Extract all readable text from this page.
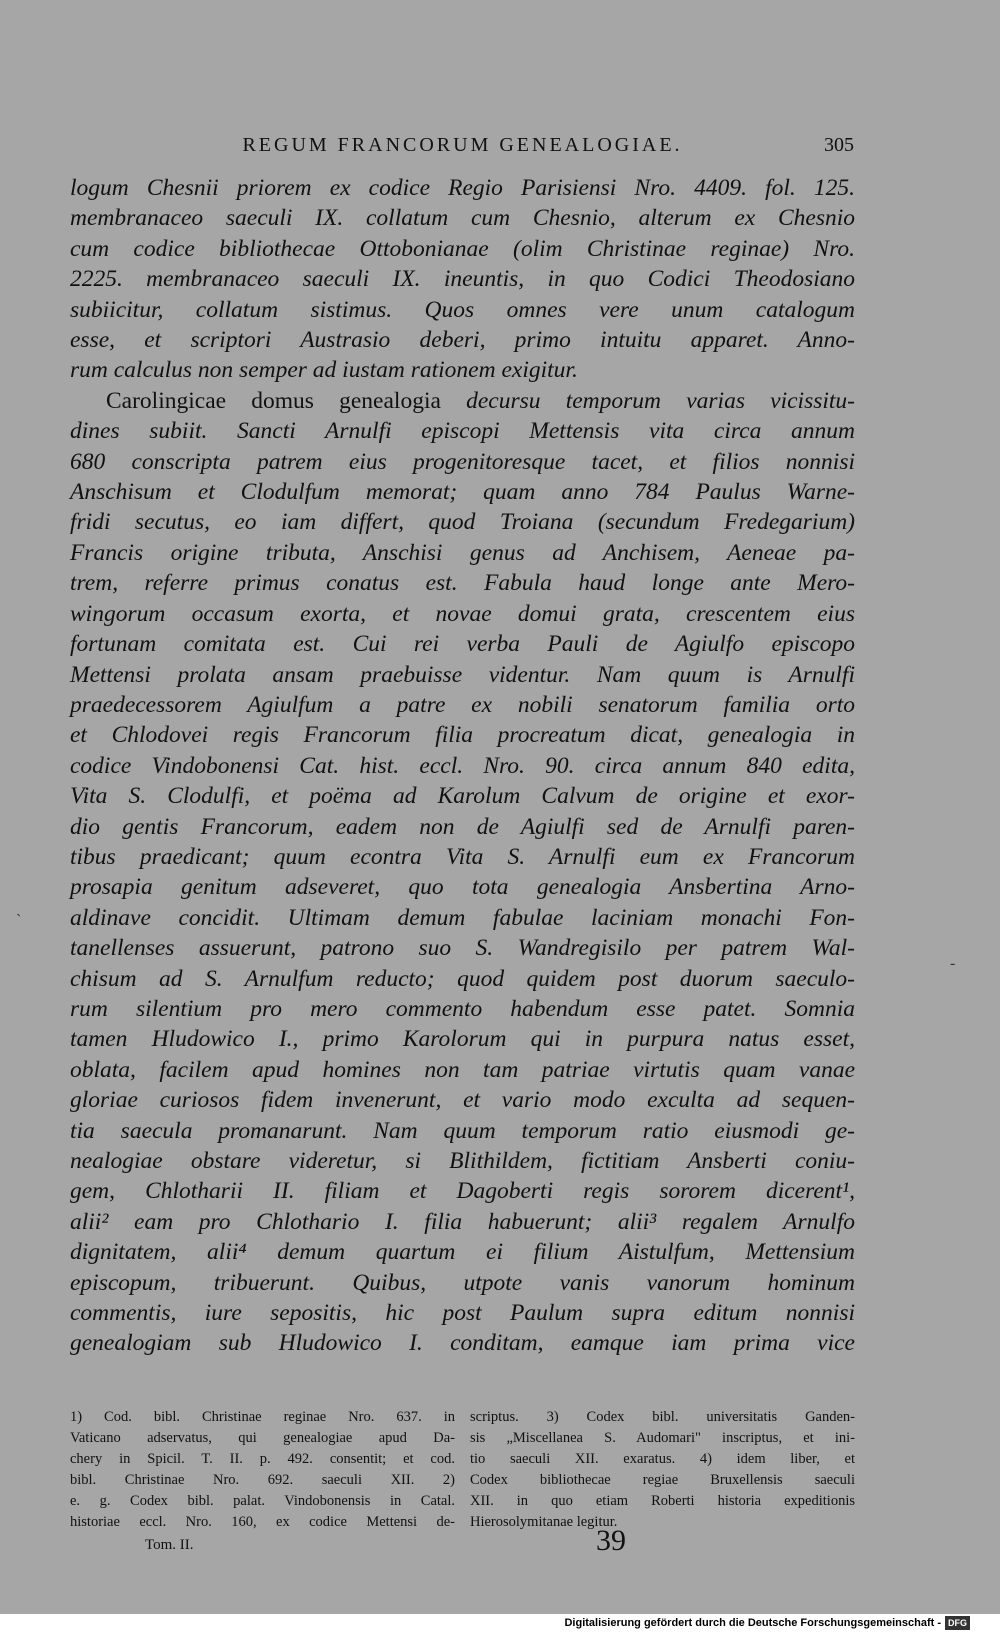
REGUM FRANCORUM GENEALOGIAE.	305

logum Chesnii priorem ex codice Regio Parisiensi Nro. 4409. fol. 125.

membranaceo saeculi IX. collatum cum Chesnio, alterum ex Chesnio

cum codice bibliothecae Ottobonianae (olim Christinae reginae) Nro.

2225. membranaceo saeculi IX. ineuntis, in quo Codici Theodosiano

subiicitur, collatum sistimus. Quos omnes vere unum catalogum

esse, et scriptori Austrasio deberi, primo intuitu apparet. Anno-

rum calculus non semper ad iustam rationem exigitur.

Carolingicae domus genealogia decursu temporum varias vicissitu-

dines subiit. Sancti Arnulfi episcopi Mettensis vita circa annum

680 conscripta patrem eius progenitoresque tacet, et filios nonnisi

Anschisum et Clodulfum memorat; quam anno 784 Paulus Warne-

fridi secutus, eo iam differt, quod Troiana (secundum Fredegarium)

Francis origine tributa, Anschisi genus ad Anchisem, Aeneae pa-

trem, referre primus conatus est. Fabula haud longe ante Mero-

wingorum occasum exorta, et novae domui grata, crescentem eius

fortunam comitata est. Cui rei verba Pauli de Agiulfo episcopo

Mettensi prolata ansam praebuisse videntur. Nam quum is Arnulfi

praedecessorem Agiulfum a patre ex nobili senatorum familia orto

et Chlodovei regis Francorum filia procreatum dicat, genealogia in

codice Vindobonensi Cat. hist. eccl. Nro. 90. circa annum 840 edita,

Vita S. Clodulfi, et poëma ad Karolum Calvum de origine et exor-

dio gentis Francorum, eadem non de Agiulfi sed de Arnulfi paren-

tibus praedicant; quum econtra Vita S. Arnulfi eum ex Francorum

prosapia genitum adseveret, quo tota genealogia Ansbertina Arno-

aldinave concidit. Ultimam demum fabulae laciniam monachi Fon-

tanellenses assuerunt, patrono suo S. Wandregisilo per patrem Wal-

chisum ad S. Arnulfum reducto; quod quidem post duorum saeculo-

rum silentium pro mero commento habendum esse patet. Somnia

tamen Hludowico I., primo Karolorum qui in purpura natus esset,

oblata, facilem apud homines non tam patriae virtutis quam vanae

gloriae curiosos fidem invenerunt, et vario modo exculta ad sequen-

tia saecula promanarunt. Nam quum temporum ratio eiusmodi ge-

nealogiae obstare videretur, si Blithildem, fictitiam Ansberti coniu-

gem, Chlotharii II. filiam et Dagoberti regis sororem dicerent¹,

alii² eam pro Chlothario I. filia habuerunt; alii³ regalem Arnulfo

dignitatem, alii⁴ demum quartum ei filium Aistulfum, Mettensium

episcopum, tribuerunt. Quibus, utpote vanis vanorum hominum

commentis, iure sepositis, hic post Paulum supra editum nonnisi

genealogiam sub Hludowico I. conditam, eamque iam prima vice

1) Cod. bibl. Christinae reginae Nro. 637. in
Vaticano adservatus, qui genealogiae apud Da-
chery in Spicil. T. II. p. 492. consentit; et cod.
bibl. Christinae Nro. 692. saeculi XII. 2)
e. g. Codex bibl. palat. Vindobonensis in Catal.
historiae eccl. Nro. 160, ex codice Mettensi de-
scriptus. 3) Codex bibl. universitatis Ganden-
sis „Miscellanea S. Audomari" inscriptus, et ini-
tio saeculi XII. exaratus. 4) idem liber, et
Codex bibliothecae regiae Bruxellensis saeculi
XII. in quo etiam Roberti historia expeditionis
Hierosolymitanae legitur.
Tom. II.	39
`
-
Digitalisierung gefördert durch die Deutsche Forschungsgemeinschaft - DFG
